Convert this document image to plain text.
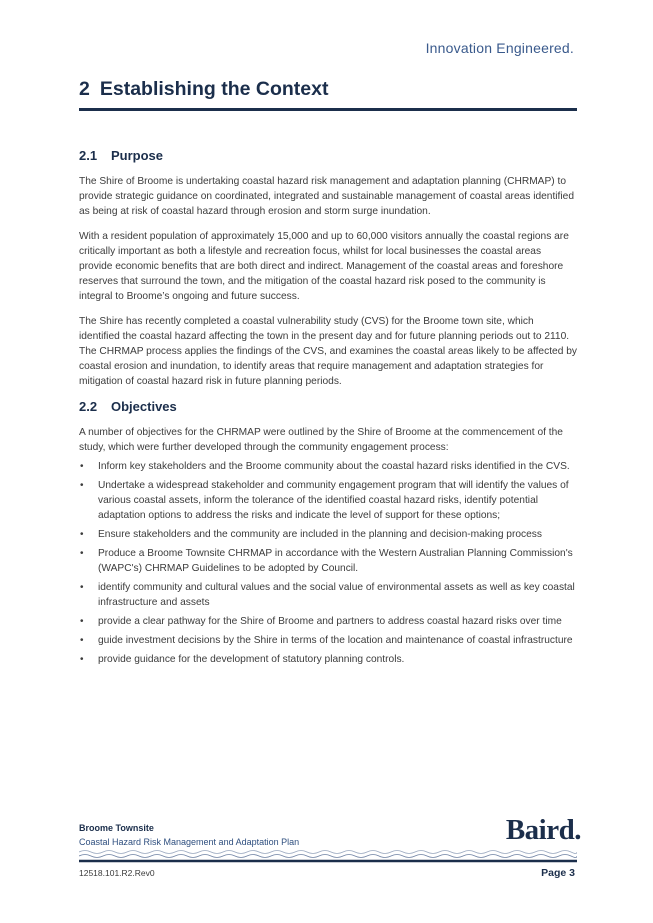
Innovation Engineered.
2 Establishing the Context
2.1 Purpose

The Shire of Broome is undertaking coastal hazard risk management and adaptation planning (CHRMAP) to provide strategic guidance on coordinated, integrated and sustainable management of coastal areas identified as being at risk of coastal hazard through erosion and storm surge inundation.

With a resident population of approximately 15,000 and up to 60,000 visitors annually the coastal regions are critically important as both a lifestyle and recreation focus, whilst for local businesses the coastal areas provide economic benefits that are both direct and indirect. Management of the coastal areas and foreshore reserves that surround the town, and the mitigation of the coastal hazard risk posed to the community is integral to Broome’s ongoing and future success.

The Shire has recently completed a coastal vulnerability study (CVS) for the Broome town site, which identified the coastal hazard affecting the town in the present day and for future planning periods out to 2110. The CHRMAP process applies the findings of the CVS, and examines the coastal areas likely to be affected by coastal erosion and inundation, to identify areas that require management and adaptation strategies for mitigation of coastal hazard risk in future planning periods.

2.2 Objectives

A number of objectives for the CHRMAP were outlined by the Shire of Broome at the commencement of the study, which were further developed through the community engagement process:

• Inform key stakeholders and the Broome community about the coastal hazard risks identified in the CVS.
• Undertake a widespread stakeholder and community engagement program that will identify the values of various coastal assets, inform the tolerance of the identified coastal hazard risks, identify potential adaptation options to address the risks and indicate the level of support for these options;
• Ensure stakeholders and the community are included in the planning and decision-making process
• Produce a Broome Townsite CHRMAP in accordance with the Western Australian Planning Commission's (WAPC's) CHRMAP Guidelines to be adopted by Council.
• identify community and cultural values and the social value of environmental assets as well as key coastal infrastructure and assets
• provide a clear pathway for the Shire of Broome and partners to address coastal hazard risks over time
• guide investment decisions by the Shire in terms of the location and maintenance of coastal infrastructure
• provide guidance for the development of statutory planning controls.
Broome Townsite
Coastal Hazard Risk Management and Adaptation Plan	Baird.
12518.101.R2.Rev0	Page 3
